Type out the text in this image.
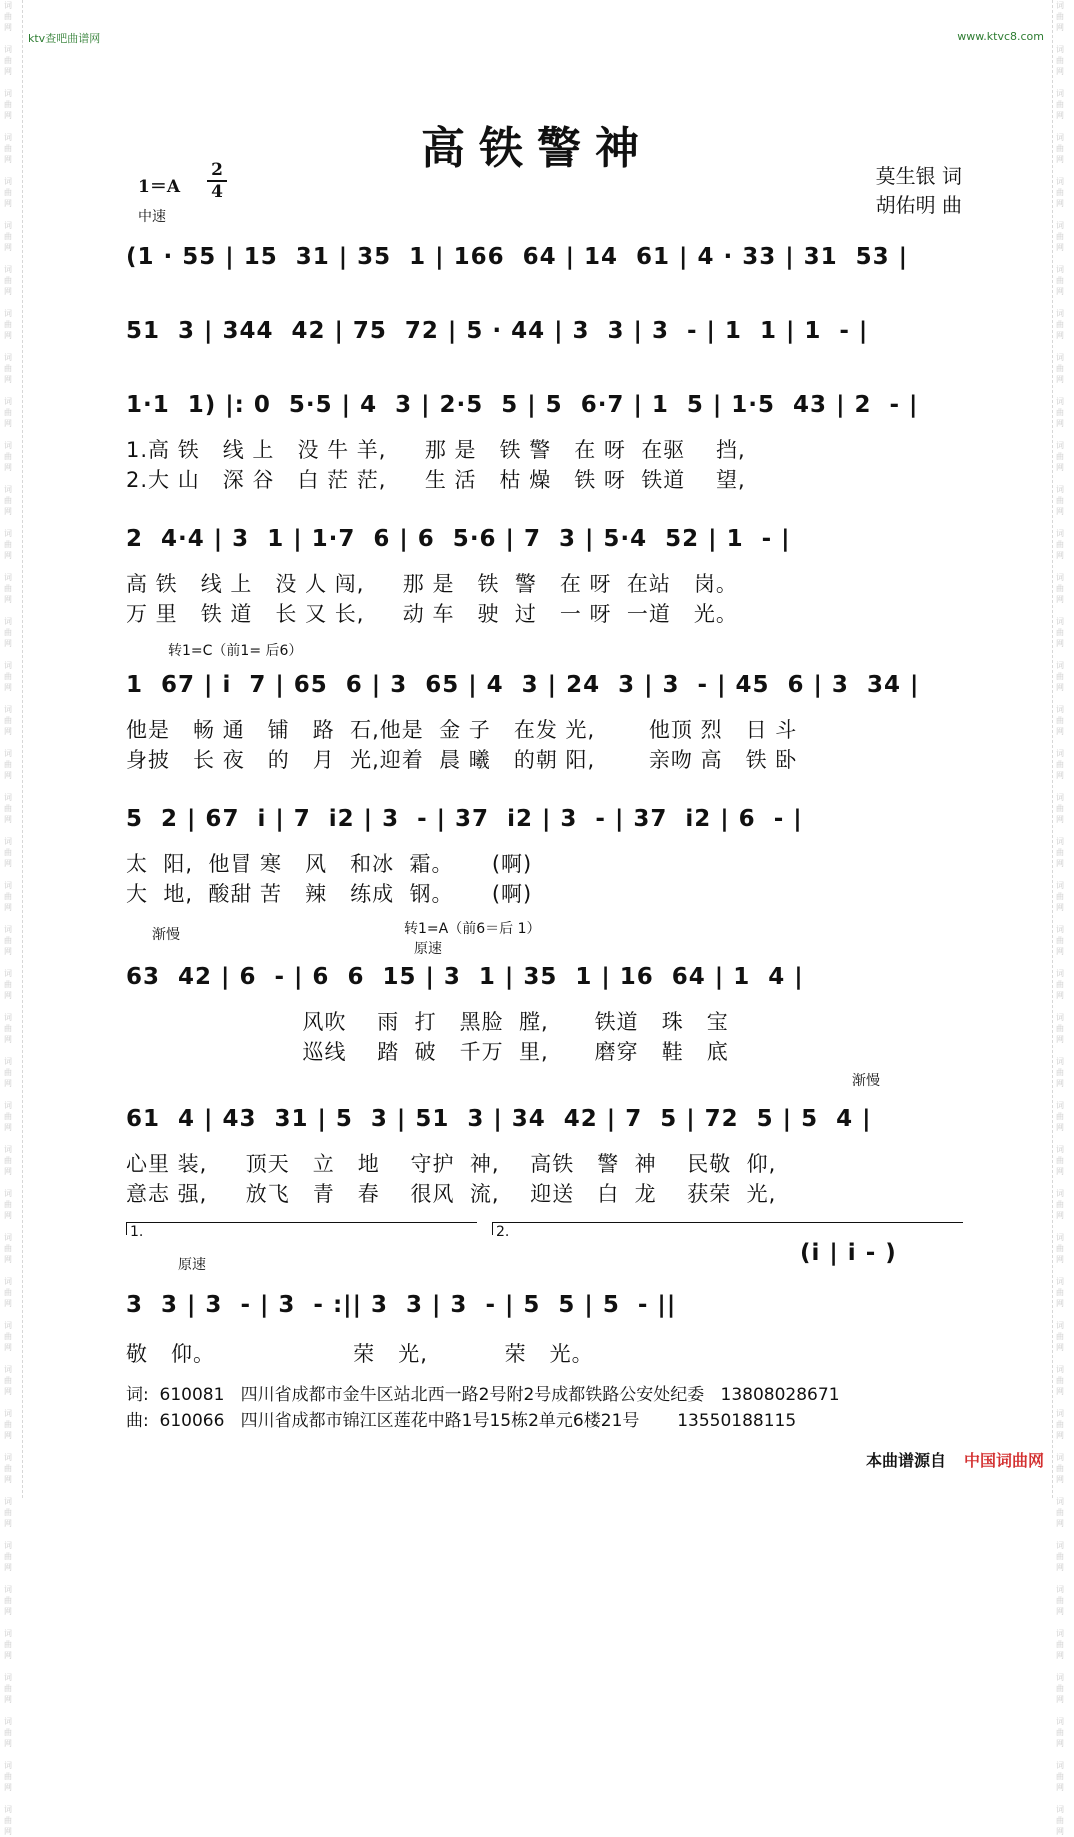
词
曲
网

词
曲
网

词
曲
网

词
曲
网

词
曲
网

词
曲
网

词
曲
网

词
曲
网

词
曲
网

词
曲
网

词
曲
网

词
曲
网

词
曲
网

词
曲
网

词
曲
网

词
曲
网

词
曲
网

词
曲
网

词
曲
网

词
曲
网

词
曲
网

词
曲
网

词
曲
网

词
曲
网

词
曲
网

词
曲
网

词
曲
网

词
曲
网

词
曲
网

词
曲
网

词
曲
网

词
曲
网

词
曲
网

词
曲
网

词
曲
网

词
曲
网

词
曲
网

词
曲
网

词
曲
网

词
曲
网

词
曲
网

词
曲
网

词
曲
网

词
曲
网

词
曲
网

词
曲
网

词
曲
网

词
曲
网

词
曲
网

词
曲
网

词
曲
网

词
曲
网

词
曲
网

词
曲
网

词
曲
网

词
曲
网

词
曲
网

词
曲
网

词
曲
网

词
曲
网

词
曲
网

词
曲
网

词
曲
网

词
曲
网

词
曲
网

词
曲
网

词
曲
网

词
曲
网

词
曲
网

词
曲
网

词
曲
网

词
曲
网

词
曲
网

词
曲
网

词
曲
网

词
曲
网

词
曲
网

词
曲
网

词
曲
网

词
曲
网

词
曲
网

词
曲
网

词
曲
网

词
曲
网

ktv查吧曲谱网	www.ktvc8.com
高铁警神
莫生银 词
胡佑明 曲
1＝A
2
4
中速
(1 · 55 | 15  31 | 35  1 | 166  64 | 14  61 | 4 · 33 | 31  53 |
51  3 | 344  42 | 75  72 | 5 · 44 | 3  3 | 3  - | 1  1 | 1  - |
1·1  1) |: 0  5·5 | 4  3 | 2·5  5 | 5  6·7 | 1  5 | 1·5  43 | 2  - |
1.高 铁   线 上   没 牛 羊,     那 是   铁 警   在 呀  在驱    挡,
2.大 山   深 谷   白 茫 茫,     生 活   枯 燥   铁 呀  铁道    望,
2  4·4 | 3  1 | 1·7  6 | 6  5·6 | 7  3 | 5·4  52 | 1  - |
高 铁   线 上   没 人 闯,     那 是   铁  警   在 呀  在站   岗。
万 里   铁 道   长 又 长,     动 车   驶  过   一 呀  一道   光。
转1=C（前1= 后6）
1  67 | i  7 | 65  6 | 3  65 | 4  3 | 24  3 | 3  - | 45  6 | 3  34 |
他是   畅 通   铺   路  石,他是  金 子   在发 光,       他顶 烈   日 斗
身披   长 夜   的   月  光,迎着  晨 曦   的朝 阳,       亲吻 高   铁 卧
5  2 | 67  i | 7  i2 | 3  - | 37  i2 | 3  - | 37  i2 | 6  - |
太  阳,  他冒 寒   风   和冰  霜。     (啊)
大  地,  酸甜 苦   辣   练成  钢。     (啊)
渐慢	转1=A（前6＝后 1）
原速
63  42 | 6  - | 6  6  15 | 3  1 | 35  1 | 16  64 | 1  4 |
风吹    雨  打   黑脸  膛,      铁道   珠   宝
巡线    踏  破   千万  里,      磨穿   鞋   底
渐慢
61  4 | 43  31 | 5  3 | 51  3 | 34  42 | 7  5 | 72  5 | 5  4 |
心里 装,     顶天   立   地    守护  神,    高铁   警  神    民敬  仰,
意志 强,     放飞   青   春    很风  流,    迎送   白  龙    获荣  光,
1.	2.
原速	(i | i - )
3  3 | 3  - | 3  - :|| 3  3 | 3  - | 5  5 | 5  - ||
敬   仰。                  荣   光,          荣   光。
词: 610081 四川省成都市金牛区站北西一路2号附2号成都铁路公安处纪委 13808028671
曲: 610066 四川省成都市锦江区莲花中路1号15栋2单元6楼21号 13550188115
本曲谱源自 中国词曲网
